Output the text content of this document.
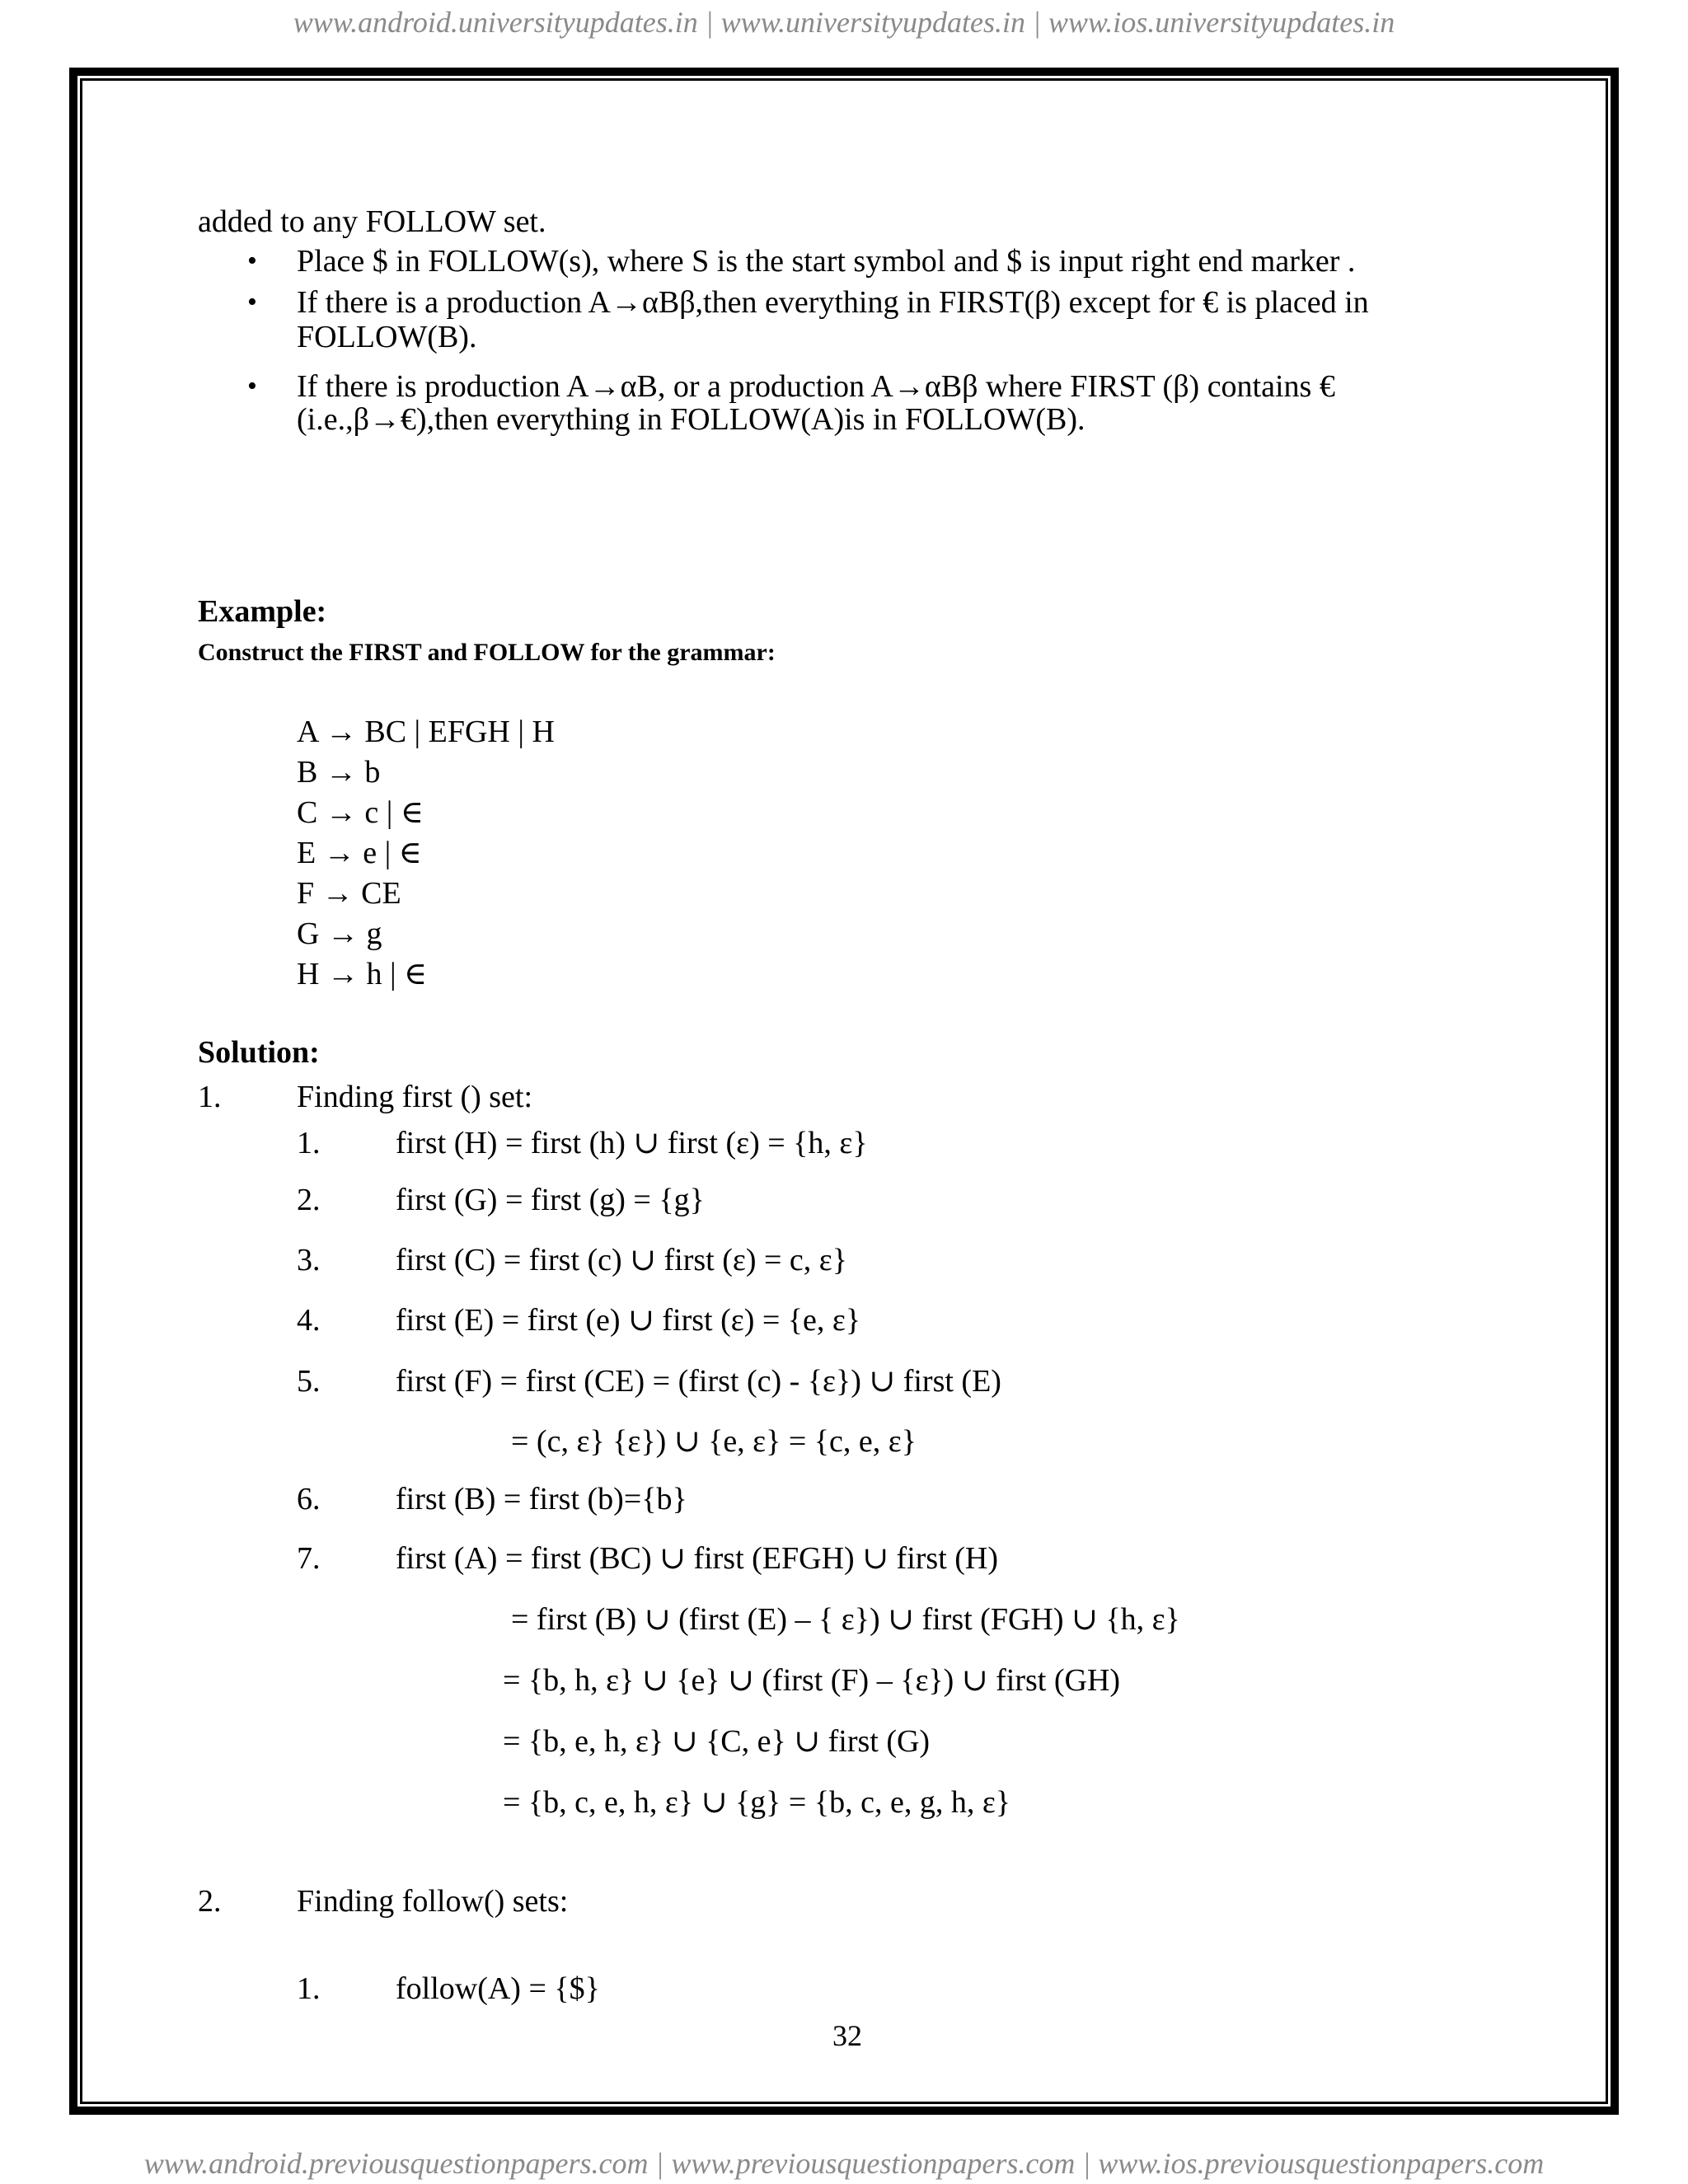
www.android.universityupdates.in | www.universityupdates.in | www.ios.universityupdates.in
added to any FOLLOW set.
• Place $ in FOLLOW(s), where S is the start symbol and $ is input right end marker .
• If there is a production A→αBβ,then everything in FIRST(β) except for € is placed in
FOLLOW(B).
• If there is production A→αB, or a production A→αBβ where FIRST (β) contains €
(i.e.,β→€),then everything in FOLLOW(A)is in FOLLOW(B).
Example:
Construct the FIRST and FOLLOW for the grammar:
A → BC | EFGH | H
B → b
C → c | ∈
E → e | ∈
F → CE
G → g
H → h | ∈
Solution:
1. Finding first () set:
1. first (H) = first (h) ∪ first (ε) = {h, ε}
2. first (G) = first (g) = {g}
3. first (C) = first (c) ∪ first (ε) = c, ε}
4. first (E) = first (e) ∪ first (ε) = {e, ε}
5. first (F) = first (CE) = (first (c) - {ε}) ∪ first (E)
= (c, ε} {ε}) ∪ {e, ε} = {c, e, ε}
6. first (B) = first (b)={b}
7. first (A) = first (BC) ∪ first (EFGH) ∪ first (H)
= first (B) ∪ (first (E) – { ε}) ∪ first (FGH) ∪ {h, ε}
= {b, h, ε} ∪ {e} ∪ (first (F) – {ε}) ∪ first (GH)
= {b, e, h, ε} ∪ {C, e} ∪ first (G)
= {b, c, e, h, ε} ∪ {g} = {b, c, e, g, h, ε}
2. Finding follow() sets:
1. follow(A) = {$}
32
www.android.previousquestionpapers.com | www.previousquestionpapers.com | www.ios.previousquestionpapers.com
